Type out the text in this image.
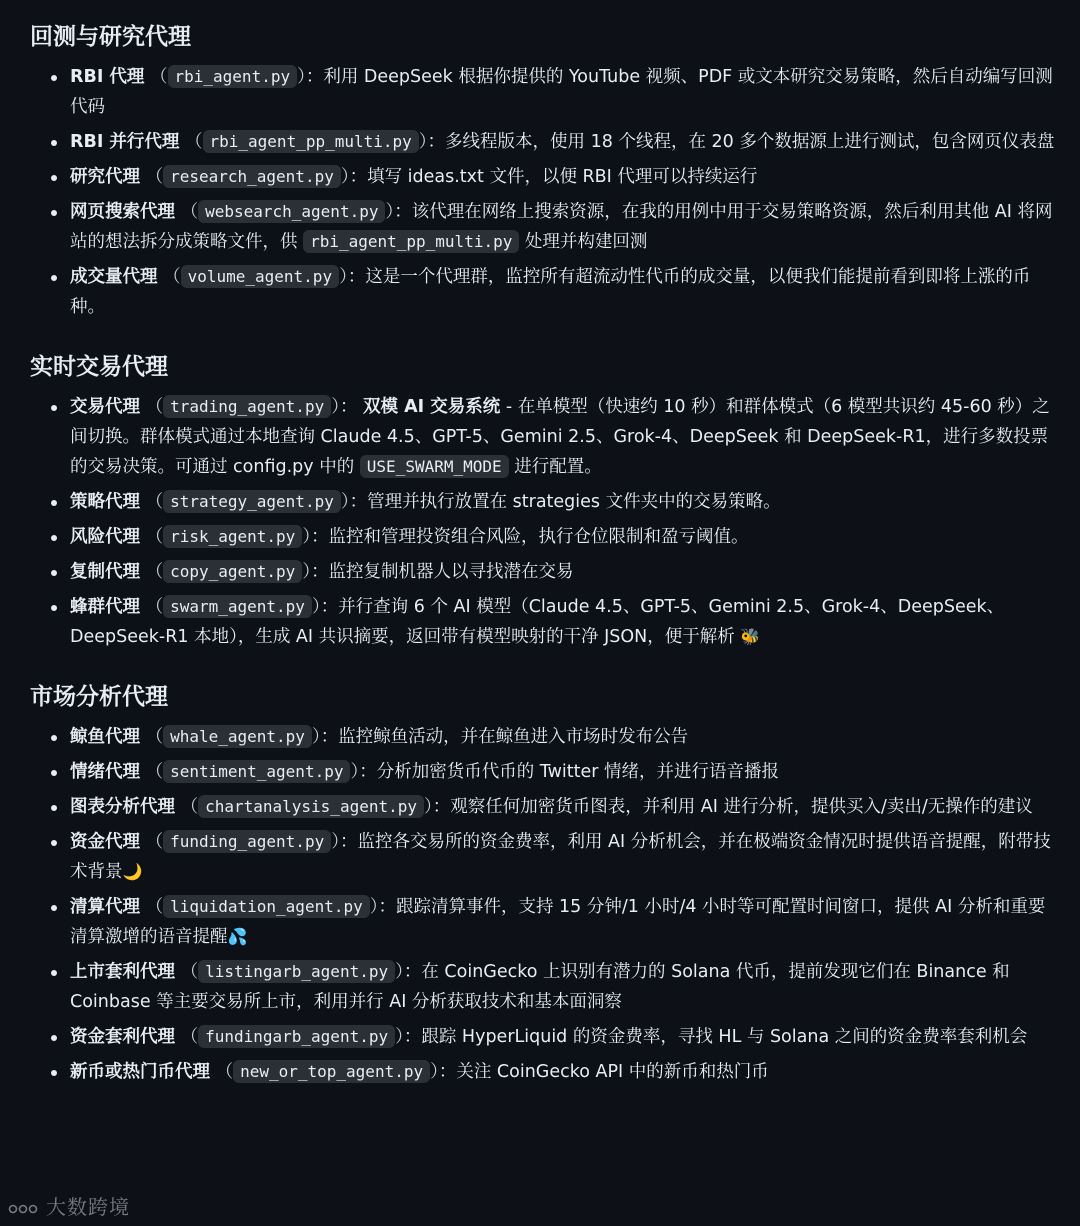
回测与研究代理
RBI 代理 （ rbi_agent.py ）：利用 DeepSeek 根据你提供的 YouTube 视频、PDF 或文本研究交易策略，然后自动编写回测代码
RBI 并行代理 （ rbi_agent_pp_multi.py ）：多线程版本，使用 18 个线程，在 20 多个数据源上进行测试，包含网页仪表盘
研究代理 （ research_agent.py ）：填写 ideas.txt 文件，以便 RBI 代理可以持续运行
网页搜索代理 （ websearch_agent.py ）：该代理在网络上搜索资源，在我的用例中用于交易策略资源，然后利用其他 AI 将网站的想法拆分成策略文件，供 rbi_agent_pp_multi.py 处理并构建回测
成交量代理 （ volume_agent.py ）：这是一个代理群，监控所有超流动性代币的成交量，以便我们能提前看到即将上涨的币种。
实时交易代理
交易代理 （ trading_agent.py ）： 双模 AI 交易系统 - 在单模型（快速约 10 秒）和群体模式（6 模型共识约 45-60 秒）之间切换。群体模式通过本地查询 Claude 4.5、GPT-5、Gemini 2.5、Grok-4、DeepSeek 和 DeepSeek-R1，进行多数投票的交易决策。可通过 config.py 中的 USE_SWARM_MODE 进行配置。
策略代理 （ strategy_agent.py ）：管理并执行放置在 strategies 文件夹中的交易策略。
风险代理 （ risk_agent.py ）：监控和管理投资组合风险，执行仓位限制和盈亏阈值。
复制代理 （ copy_agent.py ）：监控复制机器人以寻找潜在交易
蜂群代理 （ swarm_agent.py ）：并行查询 6 个 AI 模型（Claude 4.5、GPT-5、Gemini 2.5、Grok-4、DeepSeek、DeepSeek-R1 本地），生成 AI 共识摘要，返回带有模型映射的干净 JSON，便于解析 🐝
市场分析代理
鲸鱼代理 （ whale_agent.py ）：监控鲸鱼活动，并在鲸鱼进入市场时发布公告
情绪代理 （ sentiment_agent.py ）：分析加密货币代币的 Twitter 情绪，并进行语音播报
图表分析代理 （ chartanalysis_agent.py ）：观察任何加密货币图表，并利用 AI 进行分析，提供买入/卖出/无操作的建议
资金代理 （ funding_agent.py ）：监控各交易所的资金费率，利用 AI 分析机会，并在极端资金情况时提供语音提醒，附带技术背景🌙
清算代理 （ liquidation_agent.py ）：跟踪清算事件，支持 15 分钟/1 小时/4 小时等可配置时间窗口，提供 AI 分析和重要清算激增的语音提醒💦
上市套利代理 （ listingarb_agent.py ）：在 CoinGecko 上识别有潜力的 Solana 代币，提前发现它们在 Binance 和 Coinbase 等主要交易所上市，利用并行 AI 分析获取技术和基本面洞察
资金套利代理 （ fundingarb_agent.py ）：跟踪 HyperLiquid 的资金费率，寻找 HL 与 Solana 之间的资金费率套利机会
新币或热门币代理 （ new_or_top_agent.py ）：关注 CoinGecko API 中的新币和热门币
大数跨境
